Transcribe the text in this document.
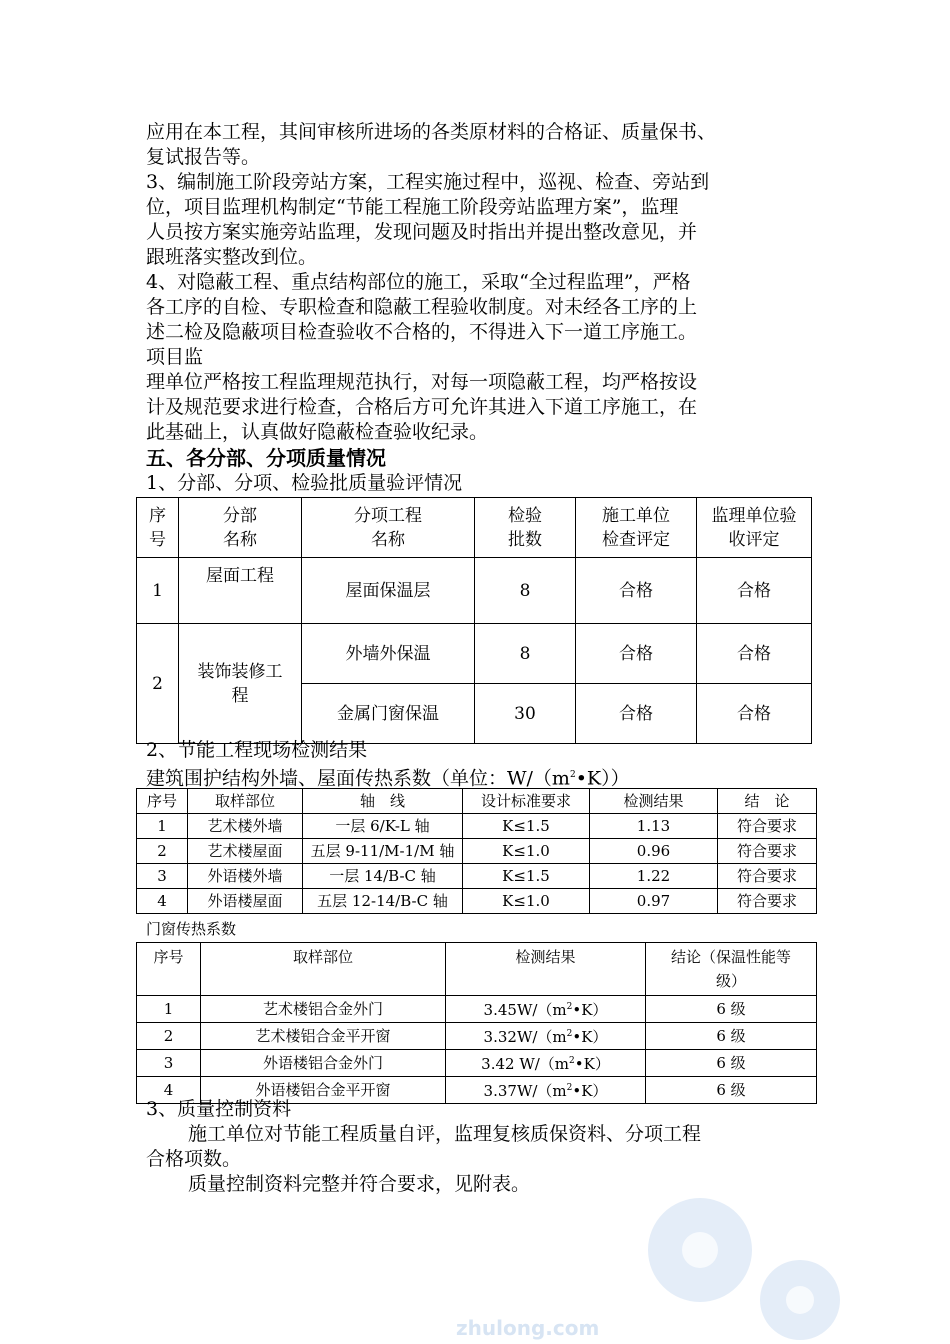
应用在本工程，其间审核所进场的各类原材料的合格证、质量保书、

复试报告等。

3、编制施工阶段旁站方案，工程实施过程中，巡视、检查、旁站到

位，项目监理机构制定“节能工程施工阶段旁站监理方案”，监理

人员按方案实施旁站监理，发现问题及时指出并提出整改意见，并

跟班落实整改到位。

4、对隐蔽工程、重点结构部位的施工，采取“全过程监理”，严格

各工序的自检、专职检查和隐蔽工程验收制度。对未经各工序的上

述二检及隐蔽项目检查验收不合格的，不得进入下一道工序施工。

项目监

理单位严格按工程监理规范执行，对每一项隐蔽工程，均严格按设

计及规范要求进行检查，合格后方可允许其进入下道工序施工，在

此基础上，认真做好隐蔽检查验收纪录。

五、各分部、分项质量情况

1、分部、分项、检验批质量验评情况

序
号	分部
名称	分项工程
名称	检验
批数	施工单位
检查评定	监理单位验
收评定
1	屋面工程	屋面保温层	8	合格	合格
2	装饰装修工
程	外墙外保温	8	合格	合格
		金属门窗保温	30	合格	合格

2、节能工程现场检测结果

建筑围护结构外墙、屋面传热系数（单位：$W/(m^2•K)$）

序号	取样部位	轴　线	设计标准要求	检测结果	结　论
1	艺术楼外墙	一层 6/K-L 轴	K≤1.5	1.13	符合要求
2	艺术楼屋面	五层 9-11/M-1/M 轴	K≤1.0	0.96	符合要求
3	外语楼外墙	一层 14/B-C 轴	K≤1.5	1.22	符合要求
4	外语楼屋面	五层 12-14/B-C 轴	K≤1.0	0.97	符合要求

门窗传热系数

序号	取样部位	检测结果	结论（保温性能等
级）
1	艺术楼铝合金外门	$3.45W/(m^2•K)$	6 级
2	艺术楼铝合金平开窗	$3.32W/(m^2•K)$	6 级
3	外语楼铝合金外门	3.42 $W/(m^2•K)$	6 级
4	外语楼铝合金平开窗	$3.37W/(m^2•K)$	6 级

3、质量控制资料

施工单位对节能工程质量自评，监理复核质保资料、分项工程

合格项数。

质量控制资料完整并符合要求，见附表。

zhulong.com
